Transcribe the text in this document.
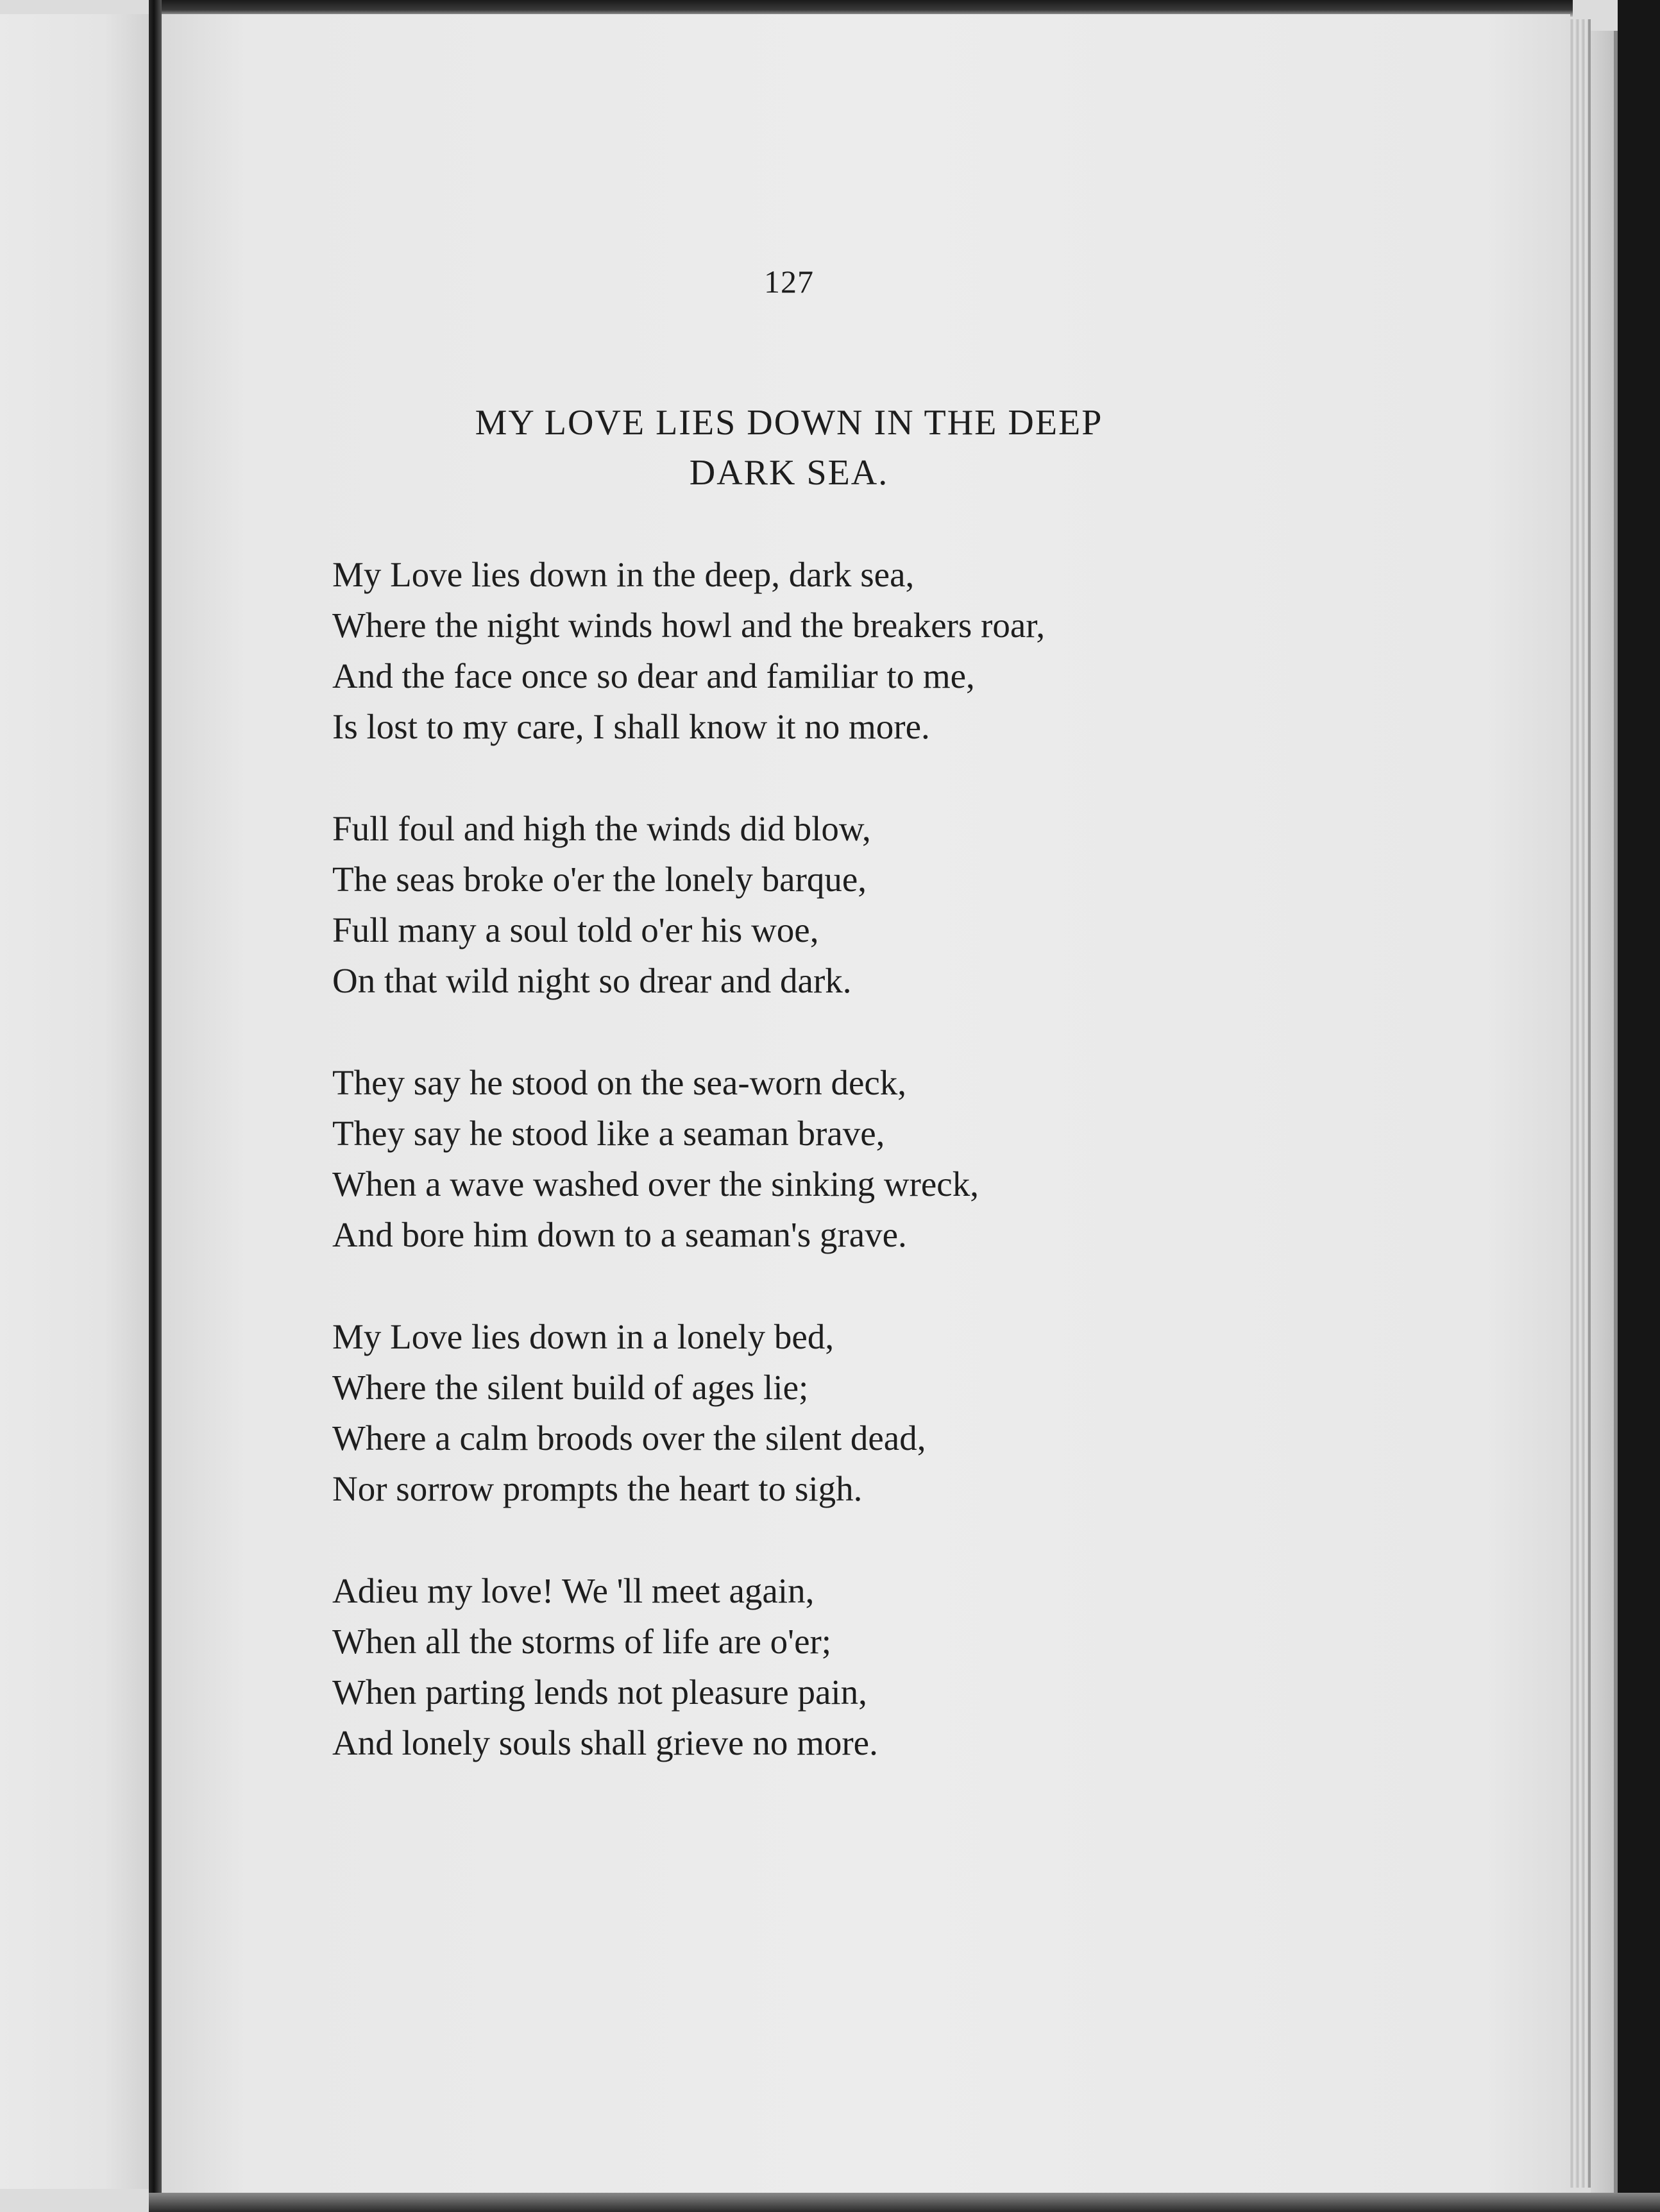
127
MY LOVE LIES DOWN IN THE DEEP
DARK SEA.
My Love lies down in the deep, dark sea,
Where the night winds howl and the breakers roar,
And the face once so dear and familiar to me,
Is lost to my care, I shall know it no more.
Full foul and high the winds did blow,
The seas broke o'er the lonely barque,
Full many a soul told o'er his woe,
On that wild night so drear and dark.
They say he stood on the sea-worn deck,
They say he stood like a seaman brave,
When a wave washed over the sinking wreck,
And bore him down to a seaman's grave.
My Love lies down in a lonely bed,
Where the silent build of ages lie;
Where a calm broods over the silent dead,
Nor sorrow prompts the heart to sigh.
Adieu my love! We 'll meet again,
When all the storms of life are o'er;
When parting lends not pleasure pain,
And lonely souls shall grieve no more.
